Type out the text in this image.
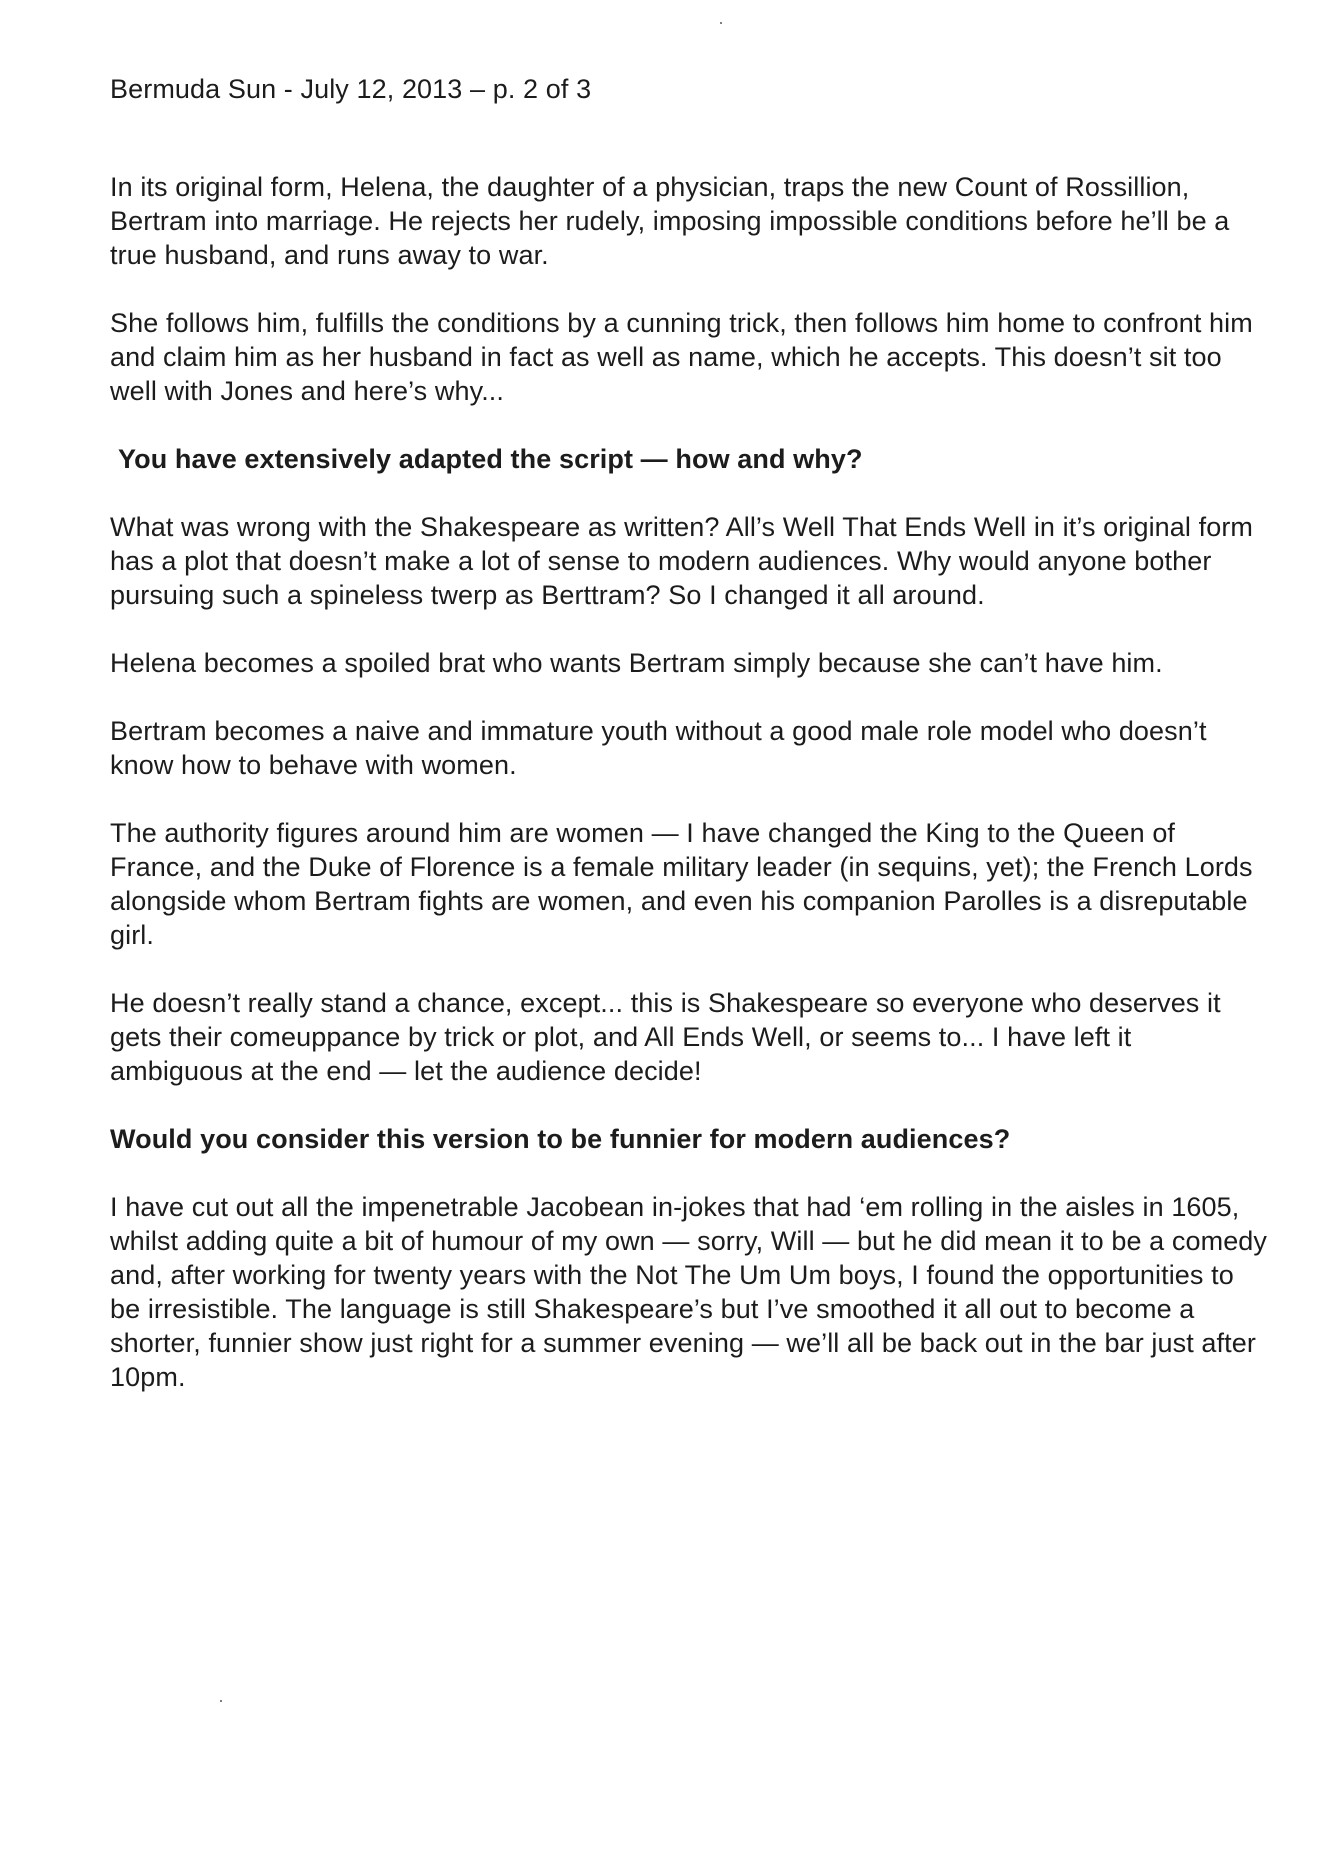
Bermuda Sun - July 12, 2013 – p. 2 of 3

In its original form, Helena, the daughter of a physician, traps the new Count of Rossillion, Bertram into marriage. He rejects her rudely, imposing impossible conditions before he’ll be a true husband, and runs away to war.

She follows him, fulfills the conditions by a cunning trick, then follows him home to confront him and claim him as her husband in fact as well as name, which he accepts. This doesn’t sit too well with Jones and here’s why...

You have extensively adapted the script — how and why?

What was wrong with the Shakespeare as written? All’s Well That Ends Well in it’s original form has a plot that doesn’t make a lot of sense to modern audiences. Why would anyone bother pursuing such a spineless twerp as Berttram? So I changed it all around.

Helena becomes a spoiled brat who wants Bertram simply because she can’t have him.

Bertram becomes a naive and immature youth without a good male role model who doesn’t know how to behave with women.

The authority figures around him are women — I have changed the King to the Queen of France, and the Duke of Florence is a female military leader (in sequins, yet); the French Lords alongside whom Bertram fights are women, and even his companion Parolles is a disreputable girl.

He doesn’t really stand a chance, except... this is Shakespeare so everyone who deserves it gets their comeuppance by trick or plot, and All Ends Well, or seems to... I have left it ambiguous at the end — let the audience decide!

Would you consider this version to be funnier for modern audiences?

I have cut out all the impenetrable Jacobean in-jokes that had ‘em rolling in the aisles in 1605, whilst adding quite a bit of humour of my own — sorry, Will — but he did mean it to be a comedy and, after working for twenty years with the Not The Um Um boys, I found the opportunities to be irresistible. The language is still Shakespeare’s but I’ve smoothed it all out to become a shorter, funnier show just right for a summer evening — we’ll all be back out in the bar just after 10pm.
